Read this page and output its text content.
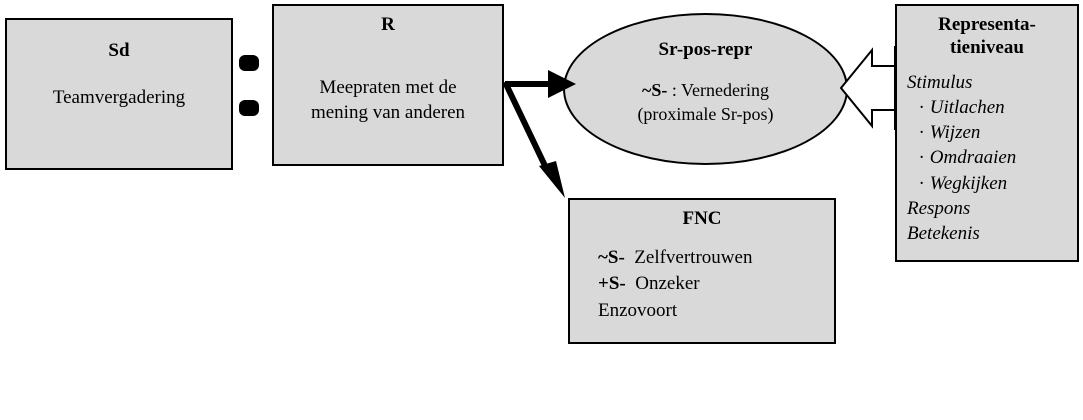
Sd
Teamvergadering
R
Meepraten met de
mening van anderen
Sr-pos-repr
~S- : Vernedering
(proximale Sr-pos)
Representa-
tieniveau
Stimulus
· Uitlachen
· Wijzen
· Omdraaien
· Wegkijken
Respons
Betekenis
FNC
~S- Zelfvertrouwen
+S- Onzeker
Enzovoort
